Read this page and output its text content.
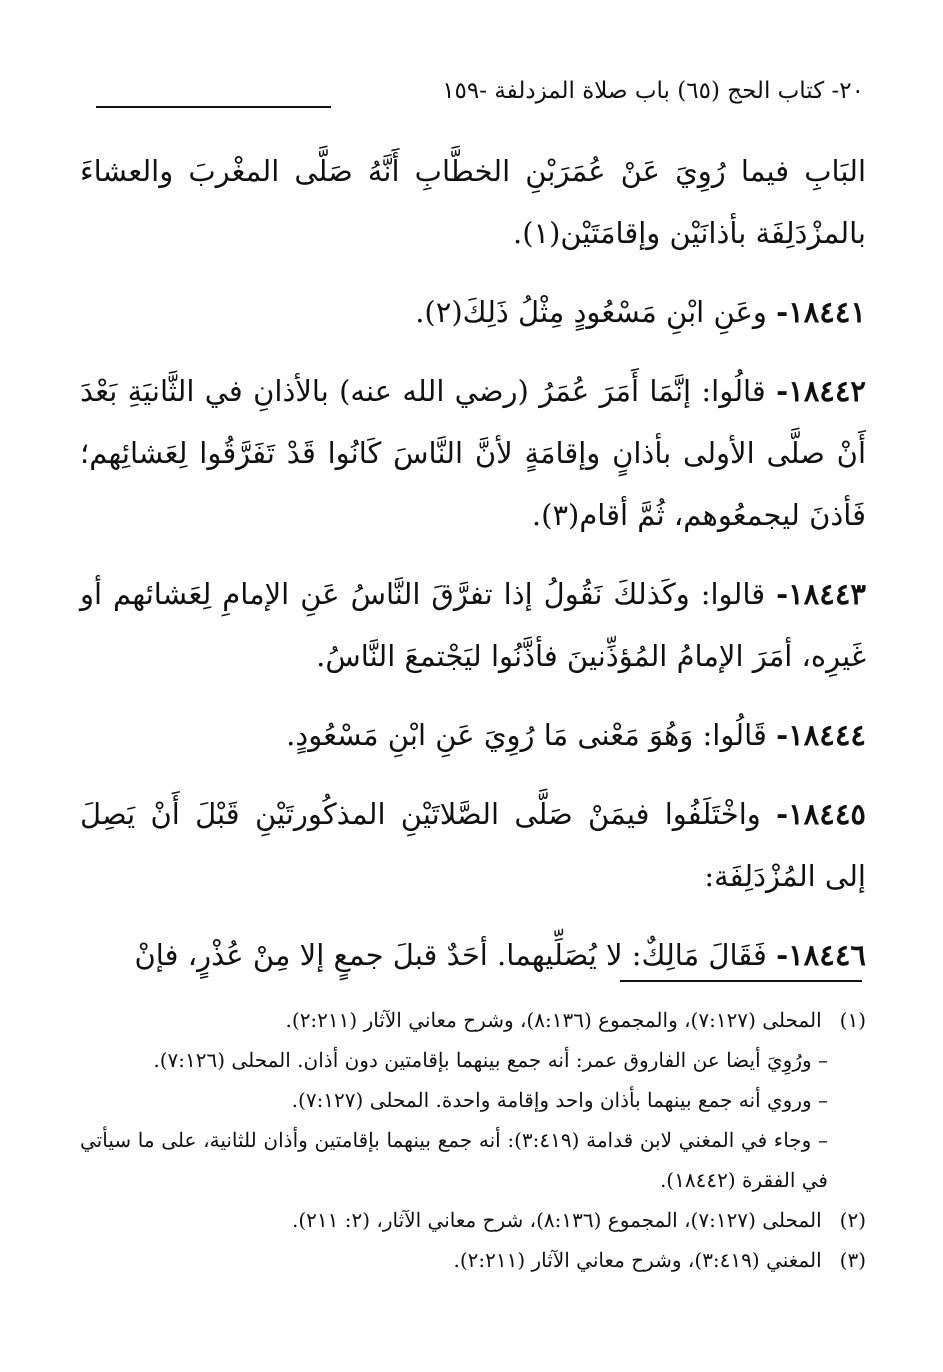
٢٠- كتاب الحج (٦٥) باب صلاة المزدلفة -١٥٩

البَابِ فيما رُوِيَ عَنْ عُمَرَبْنِ الخطَّابِ أَنَّهُ صَلَّى المغْربَ والعشاءَ بالمزْدَلِفَة بأذانَيْن وإقامَتَيْن(١).

١٨٤٤١- وعَنِ ابْنِ مَسْعُودٍ مِثْلُ ذَلِكَ(٢).

١٨٤٤٢- قالُوا: إنَّمَا أَمَرَ عُمَرُ (رضي الله عنه) بالأذانِ في الثَّانيَةِ بَعْدَ أَنْ صلَّى الأولى بأذانٍ وإقامَةٍ لأنَّ النَّاسَ كَانُوا قَدْ تَفَرَّقُوا لِعَشائِهم؛ فَأذنَ ليجمعُوهم، ثُمَّ أقام(٣).

١٨٤٤٣- قالوا: وكَذلكَ نَقُولُ إذا تفرَّقَ النَّاسُ عَنِ الإمامِ لِعَشائهم أو غَيرِه، أمَرَ الإمامُ المُؤذِّنينَ فأذَّنُوا ليَجْتمعَ النَّاسُ.

١٨٤٤٤- قَالُوا: وَهُوَ مَعْنى مَا رُوِيَ عَنِ ابْنِ مَسْعُودٍ.

١٨٤٤٥- واخْتَلَفُوا فيمَنْ صَلَّى الصَّلاتَيْنِ المذكُورتَيْنِ قَبْلَ أَنْ يَصِلَ إلى المُزْدَلِفَة:

١٨٤٤٦- فَقَالَ مَالِكٌ: لا يُصَلِّيهما. أحَدٌ قبلَ جمعٍ إلا مِنْ عُذْرٍ، فإنْ

(١) المحلى (٧:١٢٧)، والمجموع (٨:١٣٦)، وشرح معاني الآثار (٢:٢١١).

– ورُوِيَ أيضا عن الفاروق عمر: أنه جمع بينهما بإقامتين دون أذان. المحلى (٧:١٢٦).

– وروي أنه جمع بينهما بأذان واحد وإقامة واحدة. المحلى (٧:١٢٧).

– وجاء في المغني لابن قدامة (٣:٤١٩): أنه جمع بينهما بإقامتين وأذان للثانية، على ما سيأتي في الفقرة (١٨٤٤٢).

(٢) المحلى (٧:١٢٧)، المجموع (٨:١٣٦)، شرح معاني الآثار، (٢: ٢١١).

(٣) المغني (٣:٤١٩)، وشرح معاني الآثار (٢:٢١١).
